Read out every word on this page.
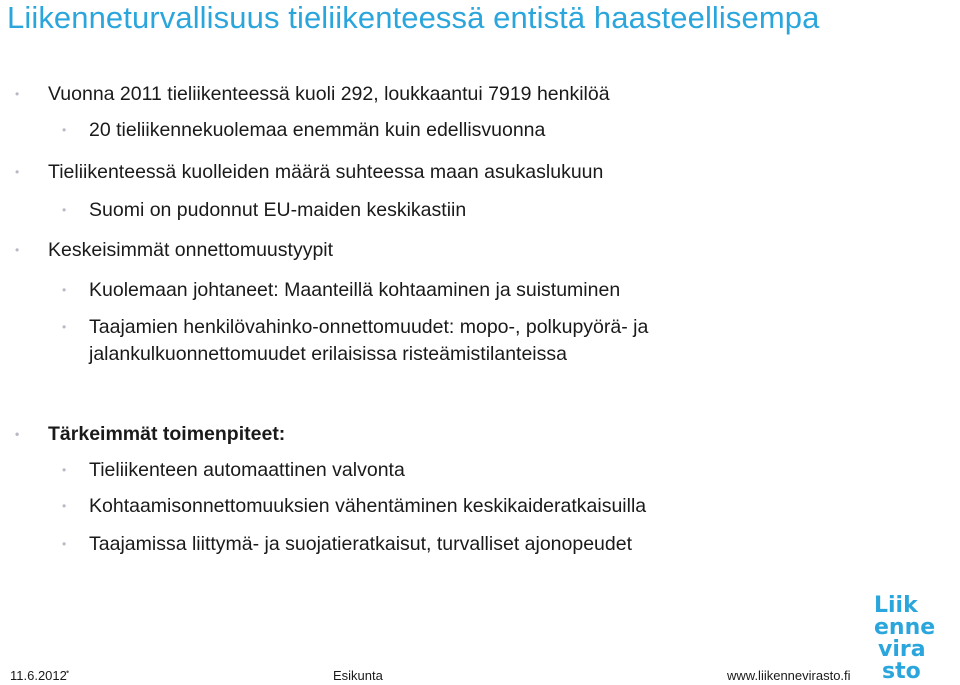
Liikenneturvallisuus tieliikenteessä entistä haasteellisempa
• Vuonna 2011 tieliikenteessä kuoli 292, loukkaantui 7919 henkilöä
• 20 tieliikennekuolemaa enemmän kuin edellisvuonna
• Tieliikenteessä kuolleiden määrä suhteessa maan asukaslukuun
• Suomi on pudonnut EU-maiden keskikastiin
• Keskeisimmät onnettomuustyypit
• Kuolemaan johtaneet: Maanteillä kohtaaminen ja suistuminen
• Taajamien henkilövahinko-onnettomuudet: mopo-, polkupyörä- ja
jalankulkuonnettomuudet erilaisissa risteämistilanteissa
• Tärkeimmät toimenpiteet:
• Tieliikenteen automaattinen valvonta
• Kohtaamisonnettomuuksien vähentäminen keskikaideratkaisuilla
• Taajamissa liittymä- ja suojatieratkaisut, turvalliset ajonopeudet
11.6.2012 •	Esikunta	www.liikennevirasto.fi
Liik
enne
vira
sto
